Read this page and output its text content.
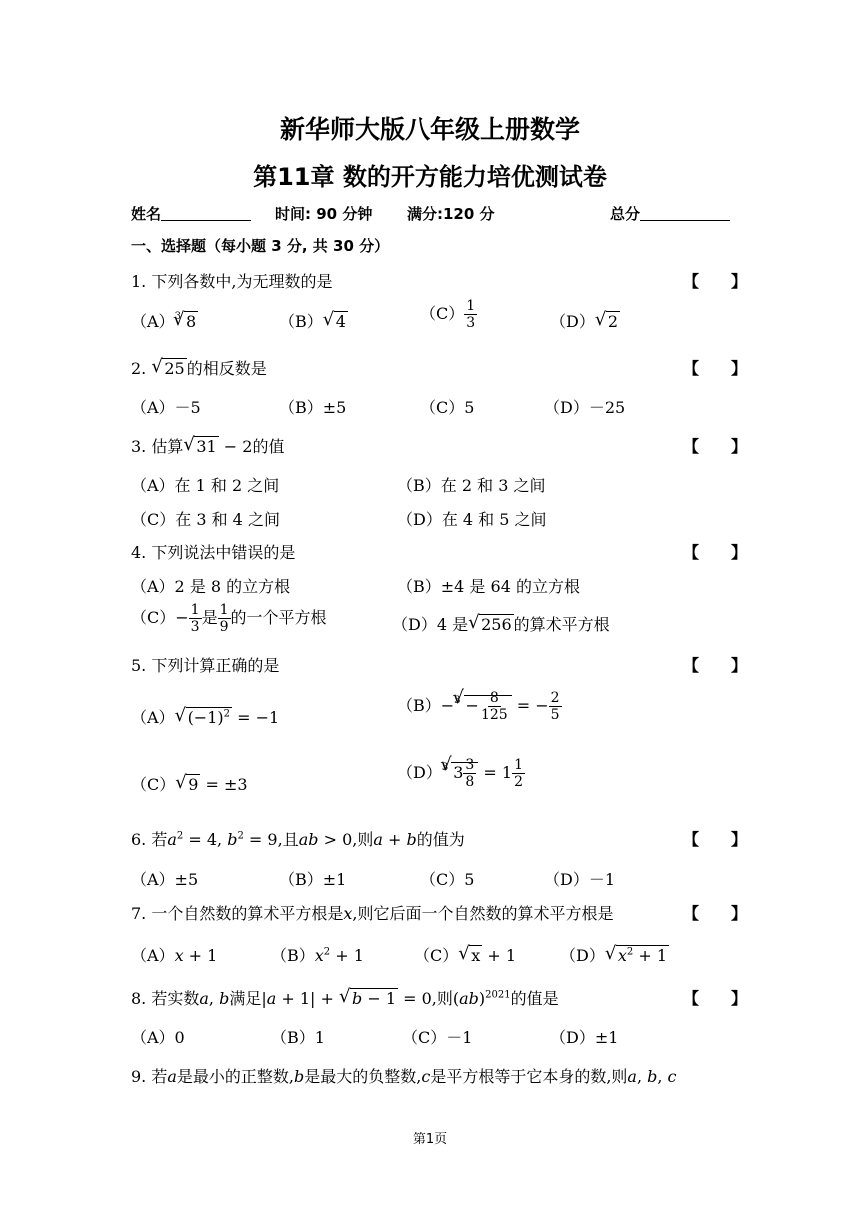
新华师大版八年级上册数学
第11章 数的开方能力培优测试卷
姓名	时间: 90 分钟 满分:120 分	总分
一、选择题（每小题 3 分, 共 30 分）
1. 下列各数中,为无理数的是	【　　】
$(A)^3√$ 8	（B）√ 4	$(C) \frac{1}{3}$	（D）√ 2
2. √ 25 的相反数是	【　　】
（A）－5	（B）±5	（C）5	（D）－25
3. 估算√ 31 − 2的值	【　　】
（A）在 1 和 2 之间	（B）在 2 和 3 之间
（C）在 3 和 4 之间	（D）在 4 和 5 之间
4. 下列说法中错误的是	【　　】
（A）2 是 8 的立方根	（B）±4 是 64 的立方根
$(C)- \frac{1}{3}$ 是 $\frac{1}{9}$ 的一个平方根	（D）4 是√ 256 的算术平方根
5. 下列计算正确的是	【　　】
（A）√ $(-1)^2 = -1$
$(B)-^3√ - \frac{8}{125}$ = − $\frac{2}{5}$
（C）√ 9 = ±3
$(D)^3√$ $3 \frac{3}{8} = 1 \frac{1}{2}$
6. 若$a^2 = 4$, $b^2 = 9$,且ab > 0,则a + b的值为	【　　】
（A）±5	（B）±1	（C）5	（D）－1
7. 一个自然数的算术平方根是x,则它后面一个自然数的算术平方根是	【　　】
（A）x + 1	$(B)x^2 + 1$	（C）√ x + 1	（D）√ $x^2 + 1$
8. 若实数a, b满足|a + 1| + √ b − 1 = 0,则(ab)$^{2021}$的值是	【　　】
（A）0	（B）1	（C）－1	（D）±1
9. 若a是最小的正整数,b是最大的负整数,c是平方根等于它本身的数,则a, b, c
第1页
